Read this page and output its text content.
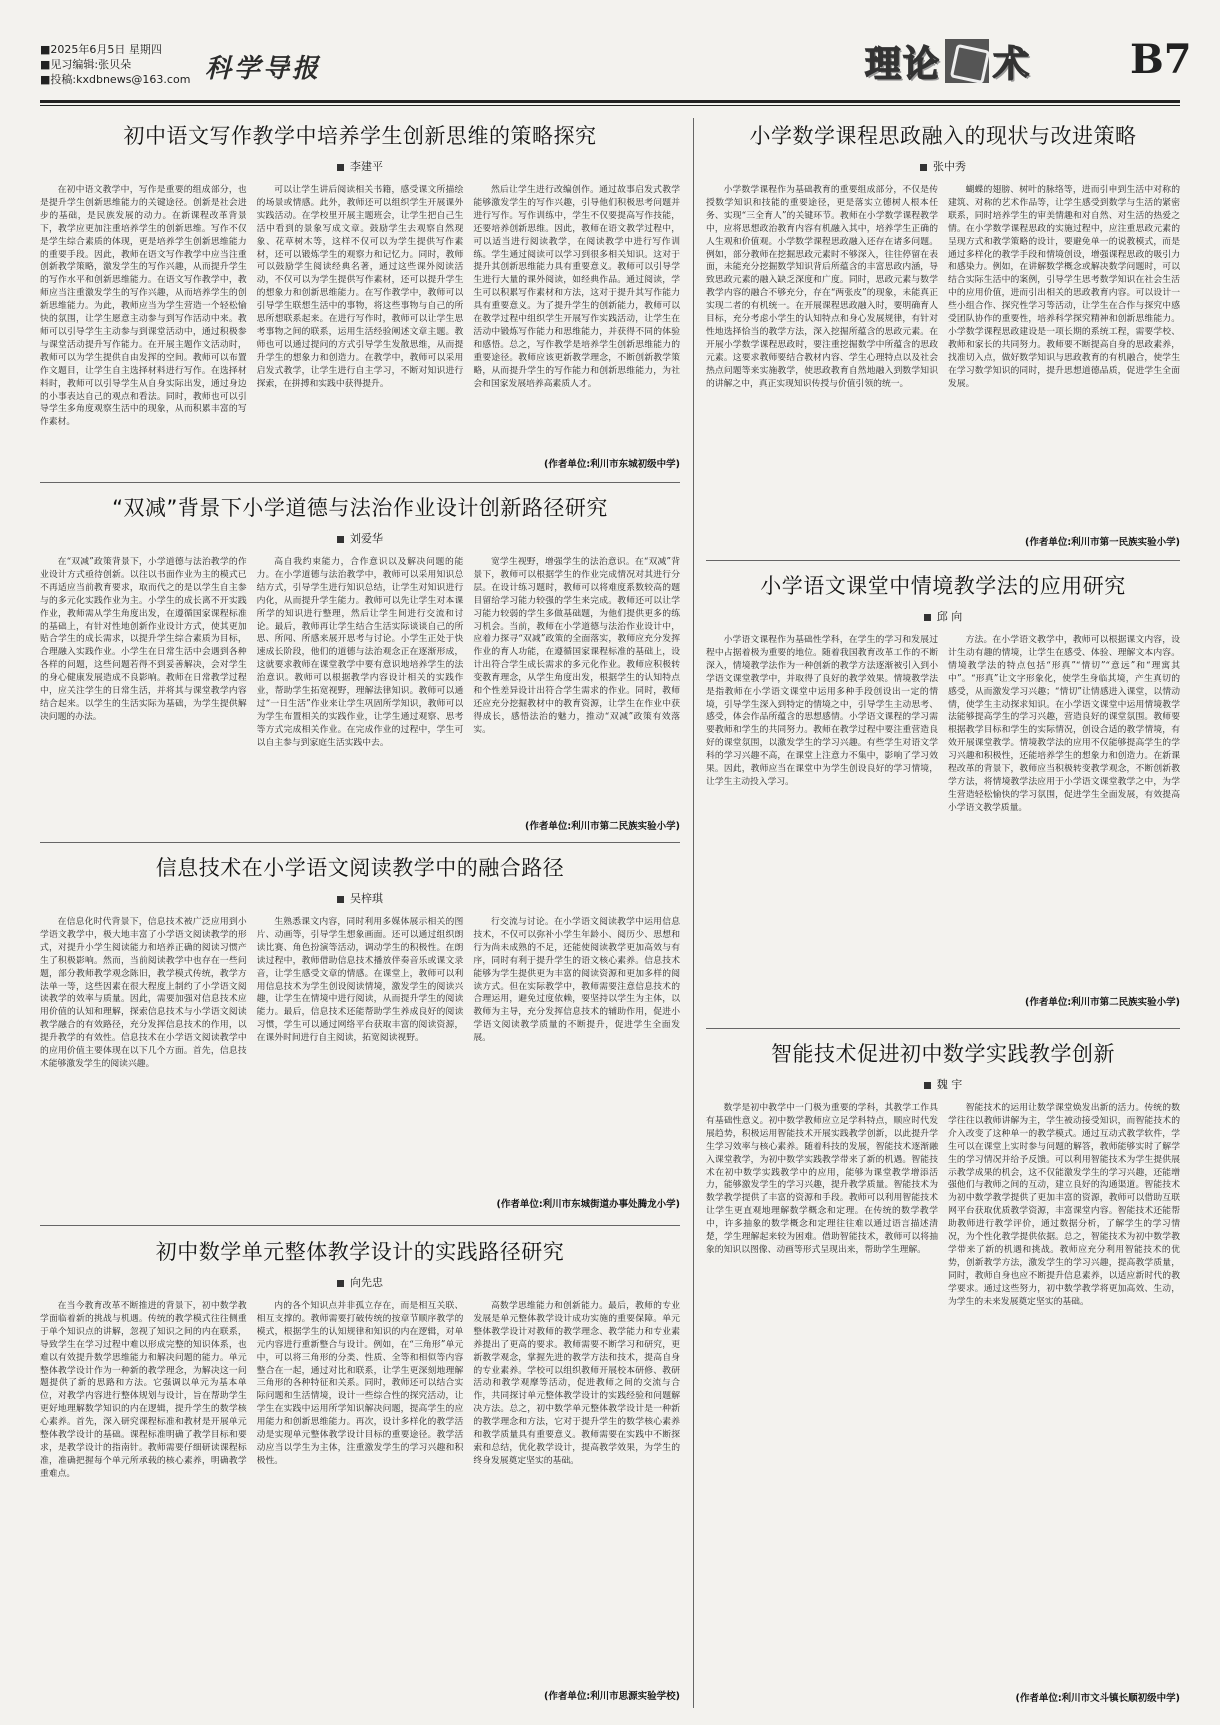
■2025年6月5日 星期四
■见习编辑:张贝朵
■投稿:kxdbnews@163.com 科学导报	理 论 术 B7
初中语文写作教学中培养学生创新思维的策略探究
李建平
在初中语文教学中，写作是重要的组成部分，也是提升学生创新思维能力的关键途径。创新是社会进步的基础，是民族发展的动力。在新课程改革背景下，教学应更加注重培养学生的创新思维。写作不仅是学生综合素质的体现，更是培养学生创新思维能力的重要手段。因此，教师在语文写作教学中应当注重创新教学策略，激发学生的写作兴趣，从而提升学生的写作水平和创新思维能力。在语文写作教学中，教师应当注重激发学生的写作兴趣，从而培养学生的创新思维能力。为此，教师应当为学生营造一个轻松愉快的氛围，让学生愿意主动参与到写作活动中来。教师可以引导学生主动参与到课堂活动中，通过积极参与课堂活动提升写作能力。在开展主题作文活动时，教师可以为学生提供自由发挥的空间。教师可以布置作文题目，让学生自主选择材料进行写作。在选择材料时，教师可以引导学生从自身实际出发，通过身边的小事表达自己的观点和看法。同时，教师也可以引导学生多角度观察生活中的现象，从而积累丰富的写作素材。
可以让学生讲后阅读相关书籍，感受课文所描绘的场景或情感。此外，教师还可以组织学生开展课外实践活动。在学校里开展主题班会，让学生把自己生活中看到的景象写成文章。鼓励学生去观察自然现象、花草树木等，这样不仅可以为学生提供写作素材，还可以锻炼学生的观察力和记忆力。同时，教师可以鼓励学生阅读经典名著，通过这些课外阅读活动，不仅可以为学生提供写作素材，还可以提升学生的想象力和创新思维能力。在写作教学中，教师可以引导学生联想生活中的事物，将这些事物与自己的所思所想联系起来。在进行写作时，教师可以让学生思考事物之间的联系，运用生活经验阐述文章主题。教师也可以通过提问的方式引导学生发散思维，从而提升学生的想象力和创造力。在教学中，教师可以采用启发式教学，让学生进行自主学习，不断对知识进行探索，在拼搏和实践中获得提升。
然后让学生进行改编创作。通过故事启发式教学能够激发学生的写作兴趣，引导他们积极思考问题并进行写作。写作训练中，学生不仅要提高写作技能，还要培养创新思维。因此，教师在语文教学过程中，可以适当进行阅读教学，在阅读教学中进行写作训练。学生通过阅读可以学习到很多相关知识。这对于提升其创新思维能力具有重要意义。教师可以引导学生进行大量的课外阅读，如经典作品。通过阅读，学生可以积累写作素材和方法，这对于提升其写作能力具有重要意义。为了提升学生的创新能力，教师可以在教学过程中组织学生开展写作实践活动，让学生在活动中锻炼写作能力和思维能力，并获得不同的体验和感悟。总之，写作教学是培养学生创新思维能力的重要途径。教师应该更新教学理念，不断创新教学策略，从而提升学生的写作能力和创新思维能力，为社会和国家发展培养高素质人才。
(作者单位:利川市东城初级中学)
“双减”背景下小学道德与法治作业设计创新路径研究
刘爱华
在“双减”政策背景下，小学道德与法治教学的作业设计方式亟待创新。以往以书面作业为主的模式已不再适应当前教育要求，取而代之的是以学生自主参与的多元化实践作业为主。小学生的成长离不开实践作业，教师需从学生角度出发，在遵循国家课程标准的基础上，有针对性地创新作业设计方式，使其更加贴合学生的成长需求，以提升学生综合素质为目标，合理融入实践作业。小学生在日常生活中会遇到各种各样的问题，这些问题若得不到妥善解决，会对学生的身心健康发展造成不良影响。教师在日常教学过程中，应关注学生的日常生活，并将其与课堂教学内容结合起来。以学生的生活实际为基础，为学生提供解决问题的办法。
高自我约束能力，合作意识以及解决问题的能力。在小学道德与法治教学中，教师可以采用知识总结方式，引导学生进行知识总结，让学生对知识进行内化，从而提升学生能力。教师可以先让学生对本课所学的知识进行整理，然后让学生间进行交流和讨论。最后，教师再让学生结合生活实际谈谈自己的所思、所闻、所感来展开思考与讨论。小学生正处于快速成长阶段，他们的道德与法治观念正在逐渐形成，这就要求教师在课堂教学中要有意识地培养学生的法治意识。教师可以根据教学内容设计相关的实践作业，帮助学生拓宽视野，理解法律知识。教师可以通过“一日生活”作业来让学生巩固所学知识，教师可以为学生布置相关的实践作业，让学生通过观察、思考等方式完成相关作业。在完成作业的过程中，学生可以自主参与到家庭生活实践中去。
宽学生视野，增强学生的法治意识。在“双减”背景下，教师可以根据学生的作业完成情况对其进行分层。在设计练习题时，教师可以将难度系数较高的题目留给学习能力较强的学生来完成。教师还可以让学习能力较弱的学生多做基础题，为他们提供更多的练习机会。当前，教师在小学道德与法治作业设计中，应着力探寻“双减”政策的全面落实，教师应充分发挥作业的育人功能，在遵循国家课程标准的基础上，设计出符合学生成长需求的多元化作业。教师应积极转变教育理念，从学生角度出发，根据学生的认知特点和个性差异设计出符合学生需求的作业。同时，教师还应充分挖掘教材中的教育资源，让学生在作业中获得成长，感悟法治的魅力，推动“双减”政策有效落实。
(作者单位:利川市第二民族实验小学)
信息技术在小学语文阅读教学中的融合路径
吴梓琪
在信息化时代背景下，信息技术被广泛应用到小学语文教学中，极大地丰富了小学语文阅读教学的形式，对提升小学生阅读能力和培养正确的阅读习惯产生了积极影响。然而，当前阅读教学中也存在一些问题，部分教师教学观念陈旧，教学模式传统，教学方法单一等，这些因素在很大程度上制约了小学语文阅读教学的效率与质量。因此，需要加强对信息技术应用价值的认知和理解，探索信息技术与小学语文阅读教学融合的有效路径，充分发挥信息技术的作用，以提升教学的有效性。信息技术在小学语文阅读教学中的应用价值主要体现在以下几个方面。首先，信息技术能够激发学生的阅读兴趣。
生熟悉课文内容，同时利用多媒体展示相关的图片、动画等，引导学生想象画面。还可以通过组织朗读比赛、角色扮演等活动，调动学生的积极性。在朗读过程中，教师借助信息技术播放伴奏音乐或课文录音，让学生感受文章的情感。在课堂上，教师可以利用信息技术为学生创设阅读情境，激发学生的阅读兴趣，让学生在情境中进行阅读，从而提升学生的阅读能力。最后，信息技术还能帮助学生养成良好的阅读习惯，学生可以通过网络平台获取丰富的阅读资源，在课外时间进行自主阅读，拓宽阅读视野。
行交流与讨论。在小学语文阅读教学中运用信息技术，不仅可以弥补小学生年龄小、阅历少、思想和行为尚未成熟的不足，还能使阅读教学更加高效与有序，同时有利于提升学生的语文核心素养。信息技术能够为学生提供更为丰富的阅读资源和更加多样的阅读方式。但在实际教学中，教师需要注意信息技术的合理运用，避免过度依赖，要坚持以学生为主体，以教师为主导，充分发挥信息技术的辅助作用，促进小学语文阅读教学质量的不断提升，促进学生全面发展。
(作者单位:利川市东城街道办事处腾龙小学)
初中数学单元整体教学设计的实践路径研究
向先忠
在当今教育改革不断推进的背景下，初中数学教学面临着新的挑战与机遇。传统的教学模式往往侧重于单个知识点的讲解，忽视了知识之间的内在联系，导致学生在学习过程中难以形成完整的知识体系，也难以有效提升数学思维能力和解决问题的能力。单元整体教学设计作为一种新的教学理念，为解决这一问题提供了新的思路和方法。它强调以单元为基本单位，对教学内容进行整体规划与设计，旨在帮助学生更好地理解数学知识的内在逻辑，提升学生的数学核心素养。首先，深入研究课程标准和教材是开展单元整体教学设计的基础。课程标准明确了教学目标和要求，是教学设计的指南针。教师需要仔细研读课程标准，准确把握每个单元所承载的核心素养，明确教学重难点。
内的各个知识点并非孤立存在，而是相互关联、相互支撑的。教师需要打破传统的按章节顺序教学的模式，根据学生的认知规律和知识的内在逻辑，对单元内容进行重新整合与设计。例如，在“三角形”单元中，可以将三角形的分类、性质、全等和相似等内容整合在一起，通过对比和联系，让学生更深刻地理解三角形的各种特征和关系。同时，教师还可以结合实际问题和生活情境，设计一些综合性的探究活动，让学生在实践中运用所学知识解决问题，提高学生的应用能力和创新思维能力。再次，设计多样化的教学活动是实现单元整体教学设计目标的重要途径。教学活动应当以学生为主体，注重激发学生的学习兴趣和积极性。
高数学思维能力和创新能力。最后，教师的专业发展是单元整体教学设计成功实施的重要保障。单元整体教学设计对教师的教学理念、教学能力和专业素养提出了更高的要求。教师需要不断学习和研究，更新教学观念，掌握先进的教学方法和技术，提高自身的专业素养。学校可以组织教师开展校本研修、教研活动和教学观摩等活动，促进教师之间的交流与合作，共同探讨单元整体教学设计的实践经验和问题解决方法。总之，初中数学单元整体教学设计是一种新的教学理念和方法，它对于提升学生的数学核心素养和教学质量具有重要意义。教师需要在实践中不断探索和总结，优化教学设计，提高教学效果，为学生的终身发展奠定坚实的基础。
(作者单位:利川市思源实验学校)
小学数学课程思政融入的现状与改进策略
张中秀
小学数学课程作为基础教育的重要组成部分，不仅是传授数学知识和技能的重要途径，更是落实立德树人根本任务、实现“三全育人”的关键环节。教师在小学数学课程教学中，应将思想政治教育内容有机融入其中，培养学生正确的人生观和价值观。小学数学课程思政融入还存在诸多问题。例如，部分教师在挖掘思政元素时不够深入，往往停留在表面，未能充分挖掘数学知识背后所蕴含的丰富思政内涵，导致思政元素的融入缺乏深度和广度。同时，思政元素与数学教学内容的融合不够充分，存在“两张皮”的现象，未能真正实现二者的有机统一。在开展课程思政融入时，要明确育人目标，充分考虑小学生的认知特点和身心发展规律，有针对性地选择恰当的教学方法，深入挖掘所蕴含的思政元素。在开展小学数学课程思政时，要注重挖掘数学中所蕴含的思政元素。这要求教师要结合教材内容、学生心理特点以及社会热点问题等来实施教学，使思政教育自然地融入到数学知识的讲解之中，真正实现知识传授与价值引领的统一。
蝴蝶的翅膀、树叶的脉络等，进而引申到生活中对称的建筑、对称的艺术作品等，让学生感受到数学与生活的紧密联系，同时培养学生的审美情趣和对自然、对生活的热爱之情。在小学数学课程思政的实施过程中，应注重思政元素的呈现方式和教学策略的设计，要避免单一的说教模式，而是通过多样化的教学手段和情境创设，增强课程思政的吸引力和感染力。例如，在讲解数学概念或解决数学问题时，可以结合实际生活中的案例，引导学生思考数学知识在社会生活中的应用价值，进而引出相关的思政教育内容。可以设计一些小组合作、探究性学习等活动，让学生在合作与探究中感受团队协作的重要性，培养科学探究精神和创新思维能力。小学数学课程思政建设是一项长期的系统工程，需要学校、教师和家长的共同努力。教师要不断提高自身的思政素养，找准切入点，做好数学知识与思政教育的有机融合，使学生在学习数学知识的同时，提升思想道德品质，促进学生全面发展。
(作者单位:利川市第一民族实验小学)
小学语文课堂中情境教学法的应用研究
邱 向
小学语文课程作为基础性学科，在学生的学习和发展过程中占据着极为重要的地位。随着我国教育改革工作的不断深入，情境教学法作为一种创新的教学方法逐渐被引入到小学语文课堂教学中，并取得了良好的教学效果。情境教学法是指教师在小学语文课堂中运用多种手段创设出一定的情境，引导学生深入到特定的情境之中，引导学生主动思考、感受，体会作品所蕴含的思想感情。小学语文课程的学习需要教师和学生的共同努力。教师在教学过程中要注重营造良好的课堂氛围，以激发学生的学习兴趣。有些学生对语文学科的学习兴趣不高，在课堂上注意力不集中，影响了学习效果。因此，教师应当在课堂中为学生创设良好的学习情境，让学生主动投入学习。
方法。在小学语文教学中，教师可以根据课文内容，设计生动有趣的情境，让学生在感受、体验、理解文本内容。情境教学法的特点包括“形真”“情切”“意远”和“理寓其中”。“形真”让文字形象化，使学生身临其境，产生真切的感受，从而激发学习兴趣；“情切”让情感进入课堂，以情动情，使学生主动探求知识。在小学语文课堂中运用情境教学法能够提高学生的学习兴趣，营造良好的课堂氛围。教师要根据教学目标和学生的实际情况，创设合适的教学情境，有效开展课堂教学。情境教学法的应用不仅能够提高学生的学习兴趣和积极性，还能培养学生的想象力和创造力。在新课程改革的背景下，教师应当积极转变教学观念，不断创新教学方法，将情境教学法应用于小学语文课堂教学之中，为学生营造轻松愉快的学习氛围，促进学生全面发展，有效提高小学语文教学质量。
(作者单位:利川市第二民族实验小学)
智能技术促进初中数学实践教学创新
魏 宇
数学是初中教学中一门极为重要的学科，其教学工作具有基础性意义。初中数学教师应立足学科特点，顺应时代发展趋势，积极运用智能技术开展实践教学创新，以此提升学生学习效率与核心素养。随着科技的发展，智能技术逐渐融入课堂教学，为初中数学实践教学带来了新的机遇。智能技术在初中数学实践教学中的应用，能够为课堂教学增添活力，能够激发学生的学习兴趣，提升教学质量。智能技术为数学教学提供了丰富的资源和手段。教师可以利用智能技术让学生更直观地理解数学概念和定理。在传统的数学教学中，许多抽象的数学概念和定理往往难以通过语言描述清楚，学生理解起来较为困难。借助智能技术，教师可以将抽象的知识以图像、动画等形式呈现出来，帮助学生理解。
智能技术的运用让数学课堂焕发出新的活力。传统的数学往往以教师讲解为主，学生被动接受知识，而智能技术的介入改变了这种单一的教学模式。通过互动式教学软件，学生可以在课堂上实时参与问题的解答，教师能够实时了解学生的学习情况并给予反馈。可以利用智能技术为学生提供展示教学成果的机会，这不仅能激发学生的学习兴趣，还能增强他们与教师之间的互动，建立良好的沟通渠道。智能技术为初中数学教学提供了更加丰富的资源，教师可以借助互联网平台获取优质教学资源，丰富课堂内容。智能技术还能帮助教师进行教学评价，通过数据分析，了解学生的学习情况，为个性化教学提供依据。总之，智能技术为初中数学教学带来了新的机遇和挑战。教师应充分利用智能技术的优势，创新教学方法，激发学生的学习兴趣，提高教学质量，同时，教师自身也应不断提升信息素养，以适应新时代的教学要求。通过这些努力，初中数学教学将更加高效、生动，为学生的未来发展奠定坚实的基础。
(作者单位:利川市文斗镇长顺初级中学)
